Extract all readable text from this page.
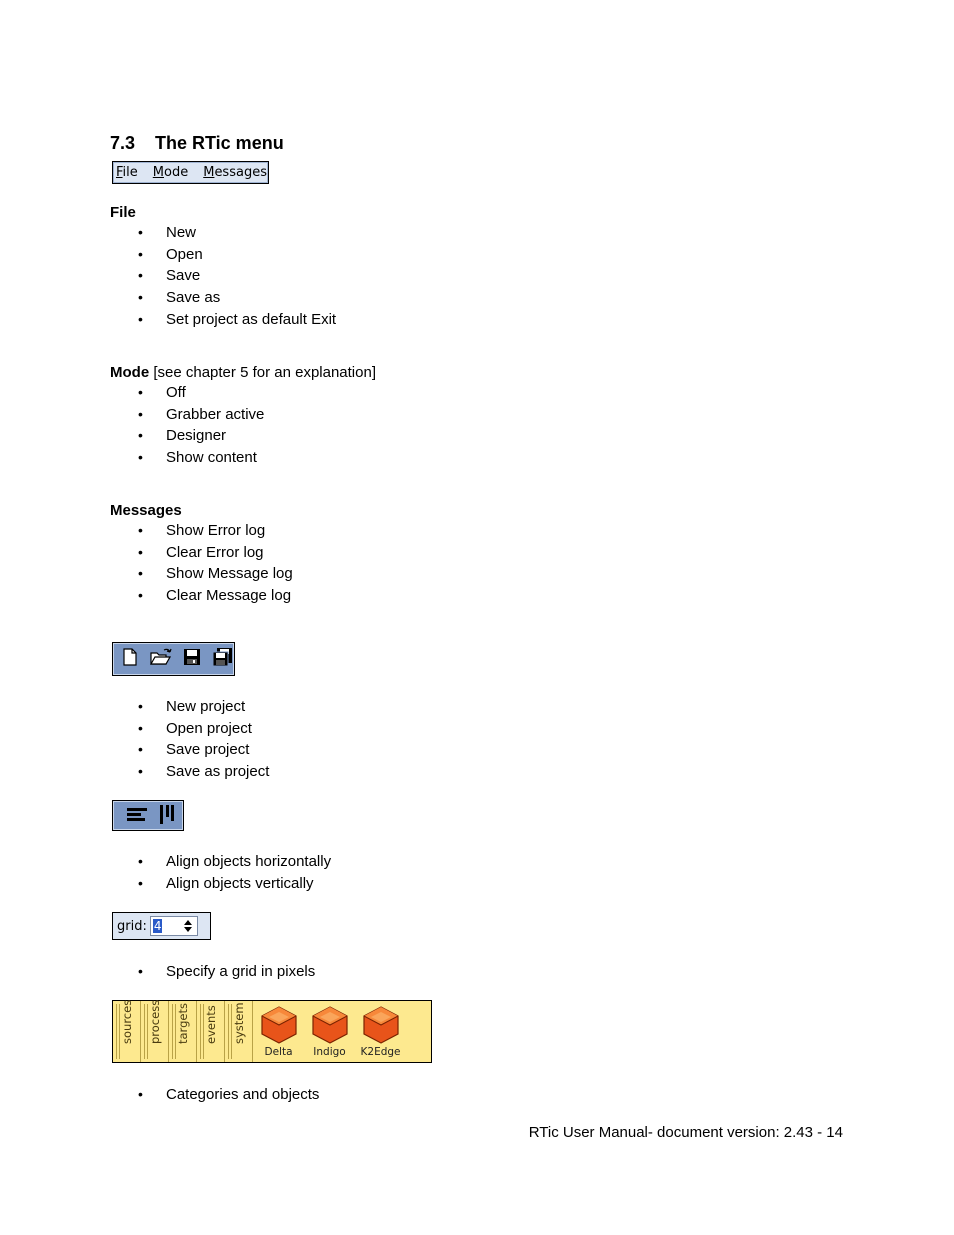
7.3 The RTic menu
File Mode Messages
File
• New
• Open
• Save
• Save as
• Set project as default Exit
Mode [see chapter 5 for an explanation]
• Off
• Grabber active
• Designer
• Show content
Messages
• Show Error log
• Clear Error log
• Show Message log
• Clear Message log
• New project
• Open project
• Save project
• Save as project
• Align objects horizontally
• Align objects vertically
grid: 4
• Specify a grid in pixels
sources process targets events system
Delta Indigo K2Edge
• Categories and objects
RTic User Manual- document version: 2.43 - 14
